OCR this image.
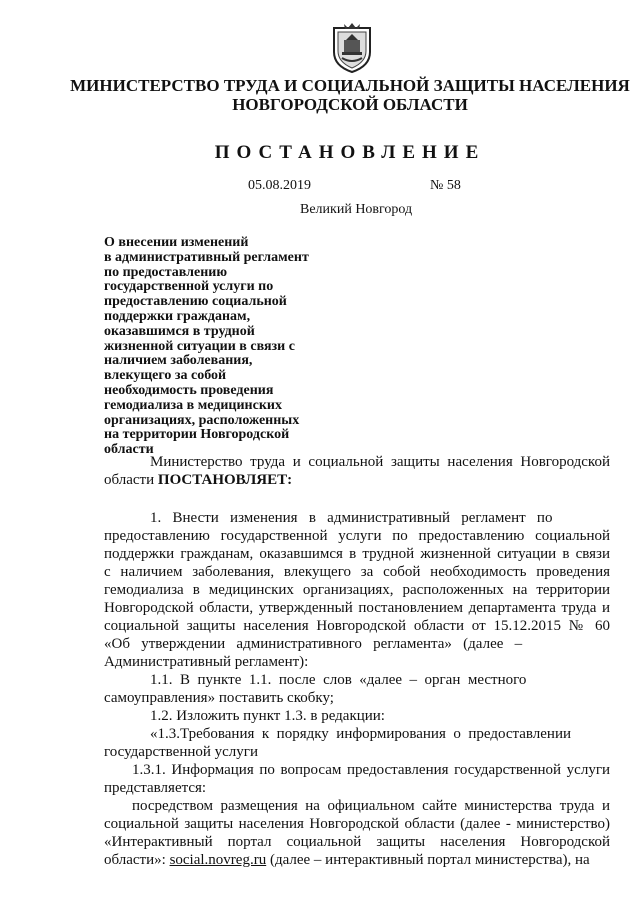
МИНИСТЕРСТВО ТРУДА И СОЦИАЛЬНОЙ ЗАЩИТЫ НАСЕЛЕНИЯ
НОВГОРОДСКОЙ ОБЛАСТИ
ПОСТАНОВЛЕНИЕ
05.08.2019	№ 58
Великий Новгород
О внесении изменений
в административный регламент
по предоставлению
государственной услуги по
предоставлению социальной
поддержки гражданам,
оказавшимся в трудной
жизненной ситуации в связи с
наличием заболевания,
влекущего за собой
необходимость проведения
гемодиализа в медицинских
организациях, расположенных
на территории Новгородской
области
Министерство труда и социальной защиты населения Новгородской
области ПОСТАНОВЛЯЕТ:
1.   Внести   изменения   в   административный   регламент   по
предоставлению государственной услуги по предоставлению социальной
поддержки гражданам, оказавшимся в трудной жизненной ситуации в связи
с наличием заболевания, влекущего за собой необходимость проведения
гемодиализа в медицинских организациях, расположенных на территории
Новгородской области, утвержденный постановлением департамента труда и
социальной защиты населения Новгородской области от 15.12.2015 № 60
«Об   утверждении   административного   регламента»   (далее   –
Административный регламент):
1.1.  В  пункте  1.1.  после  слов  «далее  –  орган  местного
самоуправления» поставить скобку;
1.2. Изложить пункт 1.3. в редакции:
«1.3.Требования  к  порядку  информирования  о  предоставлении
государственной услуги
1.3.1. Информация по вопросам предоставления государственной услуги
представляется:
посредством размещения на официальном сайте министерства труда и
социальной защиты населения Новгородской области (далее - министерство)
«Интерактивный портал социальной защиты населения Новгородской
области»: social.novreg.ru (далее – интерактивный портал министерства), на
